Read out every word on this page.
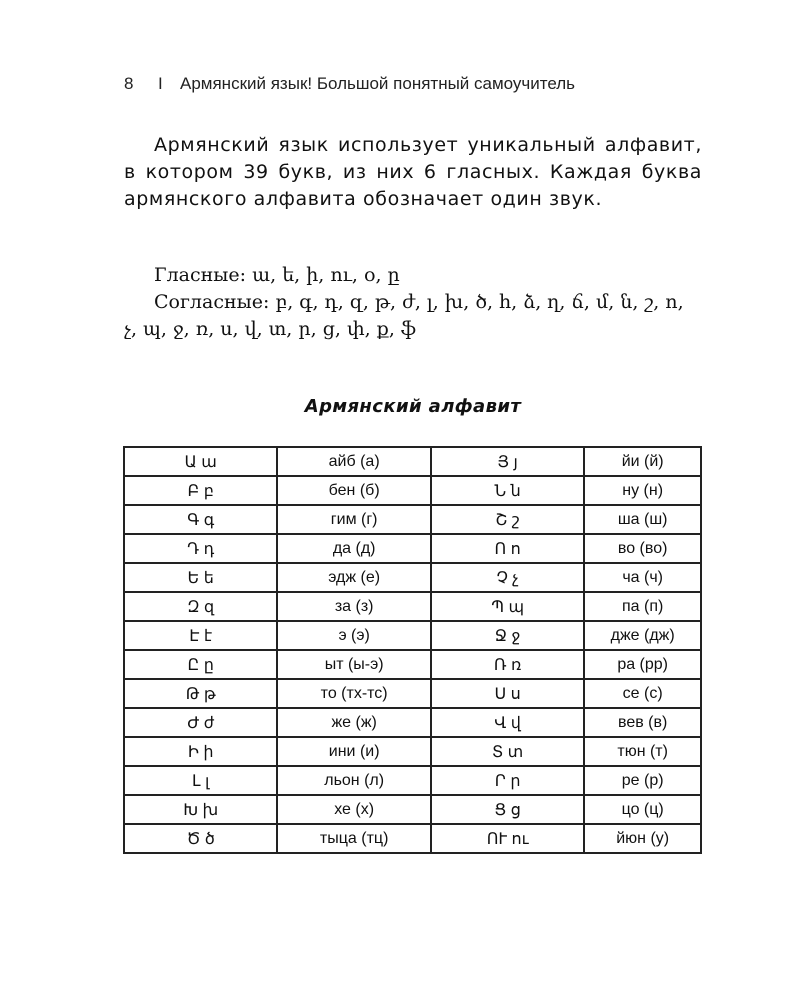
8	I	Армянский язык! Большой понятный самоучитель

Армянский язык использует уникальный алфавит, в котором 39 букв, из них 6 гласных. Каждая буква армянского алфавита обозначает один звук.

Гласные: ա, ե, ի, ու, օ, ը

Согласные: բ, գ, դ, զ, թ, ժ, լ, խ, ծ, հ, ձ, ղ, ճ, մ, ն, շ, ո, չ, պ, ջ, ռ, ս, վ, տ, ր, ց, փ, ք, ֆ

Армянский алфавит
Ա ա	айб (а)	Յ յ	йи (й)
Բ բ	бен (б)	Ն ն	ну (н)
Գ գ	гим (г)	Շ շ	ша (ш)
Դ դ	да (д)	Ո ո	во (во)
Ե ե	эдж (е)	Չ չ	ча (ч)
Զ զ	за (з)	Պ պ	па (п)
Է է	э (э)	Ջ ջ	дже (дж)
Ը ը	ыт (ы-э)	Ռ ռ	ра (рр)
Թ թ	то (тх-тс)	Ս ս	се (с)
Ժ ժ	же (ж)	Վ վ	вев (в)
Ի ի	ини (и)	Տ տ	тюн (т)
Լ լ	льон (л)	Ր ր	ре (р)
Խ խ	хе (х)	Ց ց	цо (ц)
Ծ ծ	тыца (тц)	ՈՒ ու	йюн (у)
